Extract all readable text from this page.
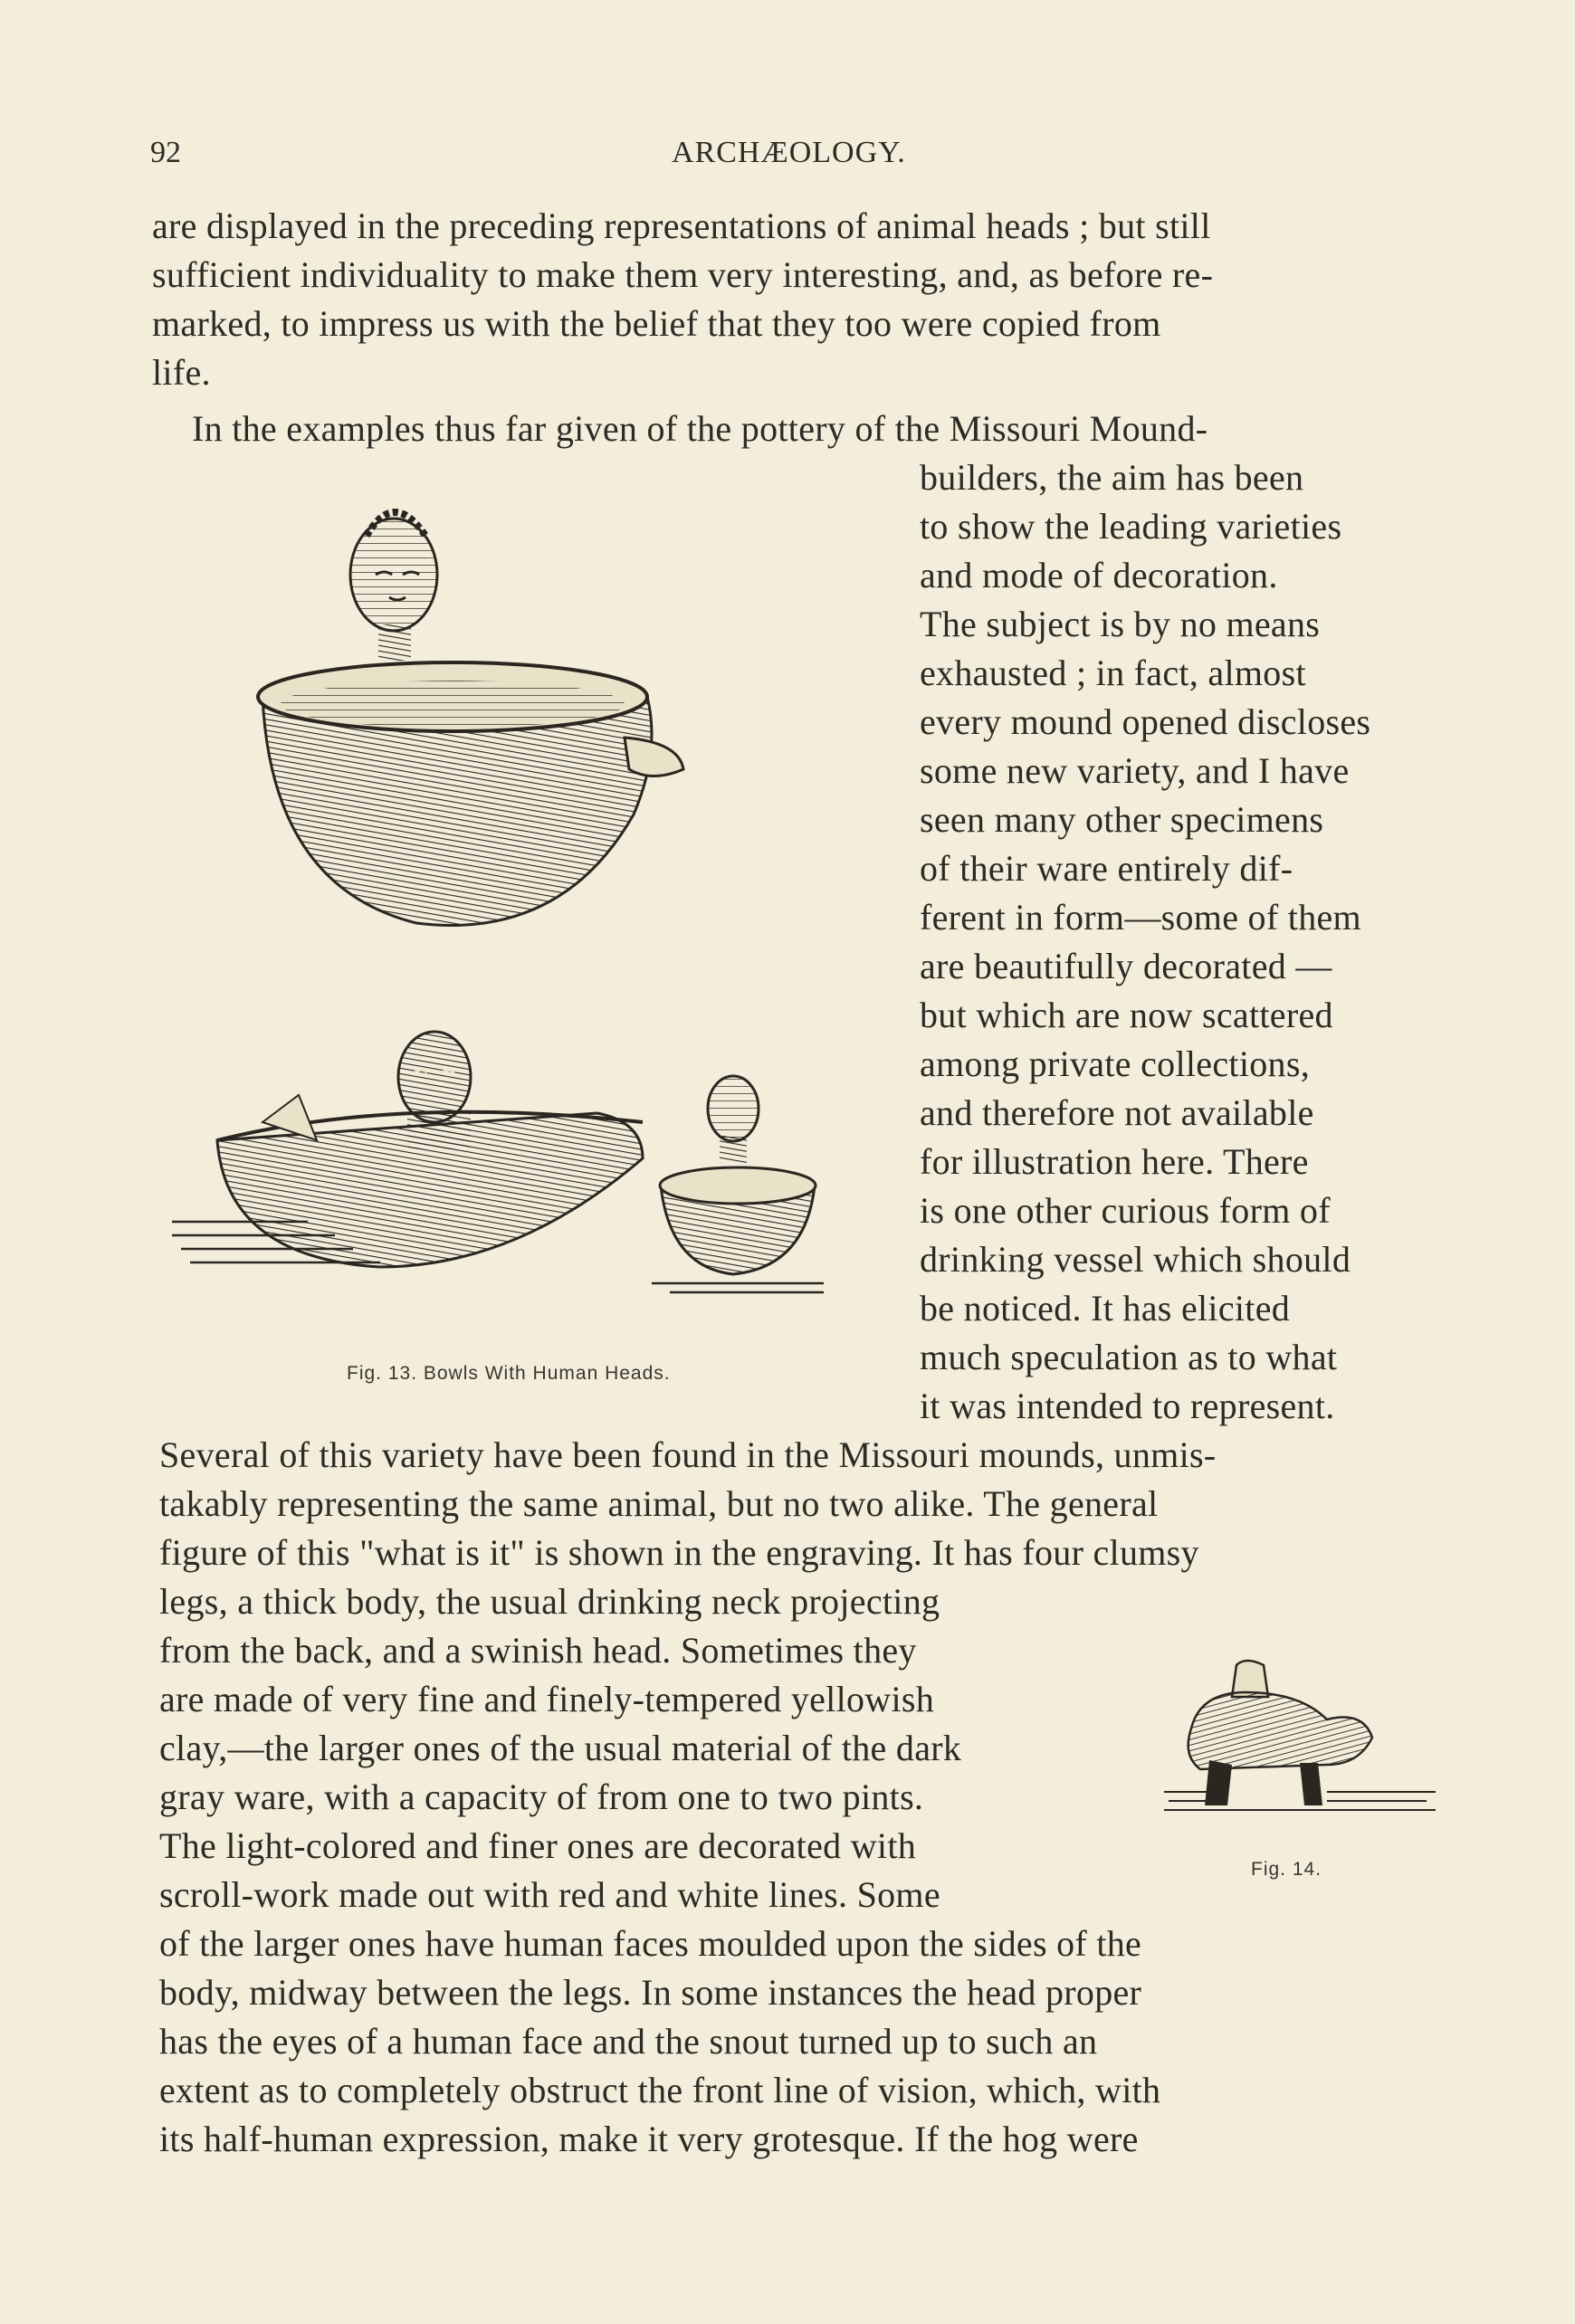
92	ARCHÆOLOGY.
are displayed in the preceding representations of animal heads ; but still
sufficient individuality to make them very interesting, and, as before re-
marked, to impress us with the belief that they too were copied from
life.
In the examples thus far given of the pottery of the Missouri Mound-
builders, the aim has been
to show the leading varieties
and mode of decoration.
The subject is by no means
exhausted ; in fact, almost
every mound opened discloses
some new variety, and I have
seen many other specimens
of their ware entirely dif-
ferent in form—some of them
are beautifully decorated —
but which are now scattered
among private collections,
and therefore not available
for illustration here. There
is one other curious form of
drinking vessel which should
be noticed. It has elicited
much speculation as to what
it was intended to represent.
Several of this variety have been found in the Missouri mounds, unmis-
takably representing the same animal, but no two alike. The general
figure of this "what is it" is shown in the engraving. It has four clumsy
legs, a thick body, the usual drinking neck projecting
from the back, and a swinish head. Sometimes they
are made of very fine and finely-tempered yellowish
clay,—the larger ones of the usual material of the dark
gray ware, with a capacity of from one to two pints.
The light-colored and finer ones are decorated with
scroll-work made out with red and white lines. Some
of the larger ones have human faces moulded upon the sides of the
body, midway between the legs. In some instances the head proper
has the eyes of a human face and the snout turned up to such an
extent as to completely obstruct the front line of vision, which, with
its half-human expression, make it very grotesque. If the hog were
Fig. 13. Bowls With Human Heads.
Fig. 14.
